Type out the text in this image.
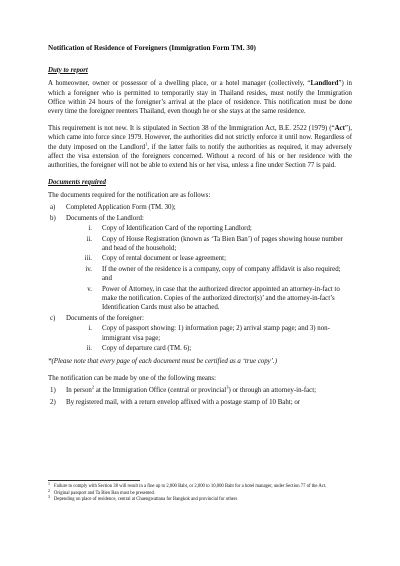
Notification of Residence of Foreigners (Immigration Form TM. 30)
Duty to report

A homeowner, owner or possessor of a dwelling place, or a hotel manager (collectively, “Landlord”) in which a foreigner who is permitted to temporarily stay in Thailand resides, must notify the Immigration Office within 24 hours of the foreigner’s arrival at the place of residence. This notification must be done every time the foreigner reenters Thailand, even though he or she stays at the same residence.

This requirement is not new. It is stipulated in Section 38 of the Immigration Act, B.E. 2522 (1979) (“Act”), which came into force since 1979. However, the authorities did not strictly enforce it until now. Regardless of the duty imposed on the Landlord$^1$, if the latter fails to notify the authorities as required, it may adversely affect the visa extension of the foreigners concerned. Without a record of his or her residence with the authorities, the foreigner will not be able to extend his or her visa, unless a fine under Section 77 is paid.

Documents required

The documents required for the notification are as follows:

a)	Completed Application Form (TM. 30);
b)	Documents of the Landlord:
i.	Copy of Identification Card of the reporting Landlord;
ii.	Copy of House Registration (known as ‘Ta Bien Ban’) of pages showing house number and head of the household;
iii.	Copy of rental document or lease agreement;
iv.	If the owner of the residence is a company, copy of company affidavit is also required; and
v.	Power of Attorney, in case that the authorized director appointed an attorney-in-fact to make the notification. Copies of the authorized director(s)’ and the attorney-in-fact’s Identification Cards must also be attached.
c)	Documents of the foreigner:
i.	Copy of passport showing: 1) information page; 2) arrival stamp page; and 3) non-immigrant visa page;
ii.	Copy of departure card (TM. 6);
*(Please note that every page of each document must be certified as a ‘true copy’.)

The notification can be made by one of the following means:

1)	In person$^2$ at the Immigration Office (central or provincial$^3$) or through an attorney-in-fact;
2)	By registered mail, with a return envelop affixed with a postage stamp of 10 Baht; or
1
Failure to comply with Section 38 will result in a fine up to 2,000 Baht, or 2,000 to 10,000 Baht for a hotel manager, under Section 77 of the Act.
2
Original passport and Ta Bien Ban must be presented.
3
Depending on place of residence, central at Chaengwattana for Bangkok and provincial for others
